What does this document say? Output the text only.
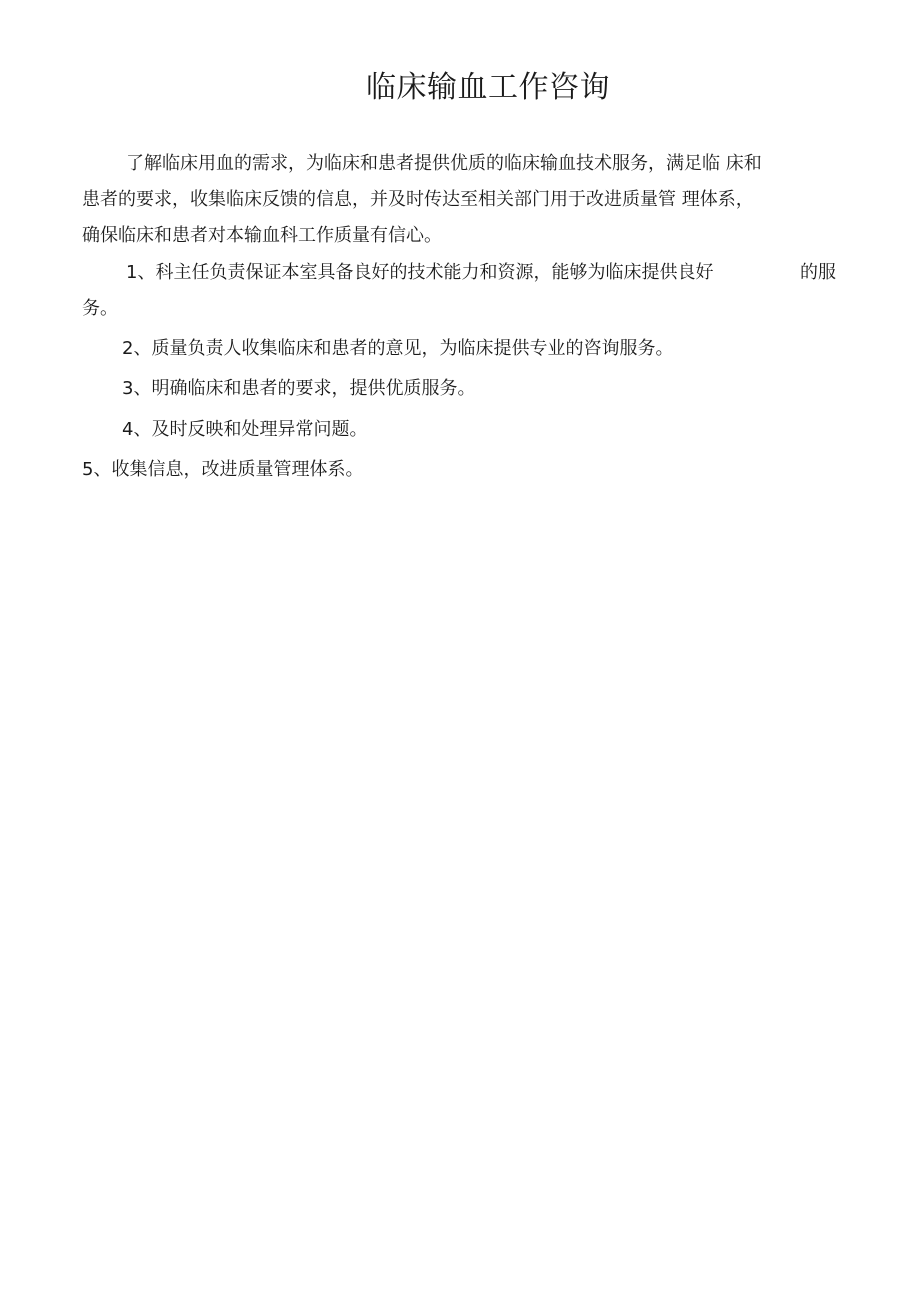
临床输血工作咨询
了解临床用血的需求，为临床和患者提供优质的临床输血技术服务，满足临 床和
患者的要求，收集临床反馈的信息，并及时传达至相关部门用于改进质量管 理体系，
确保临床和患者对本输血科工作质量有信心。
1、科主任负责保证本室具备良好的技术能力和资源，能够为临床提供良好	的服
务。
2、质量负责人收集临床和患者的意见，为临床提供专业的咨询服务。
3、明确临床和患者的要求，提供优质服务。
4、及时反映和处理异常问题。
5、收集信息，改进质量管理体系。
